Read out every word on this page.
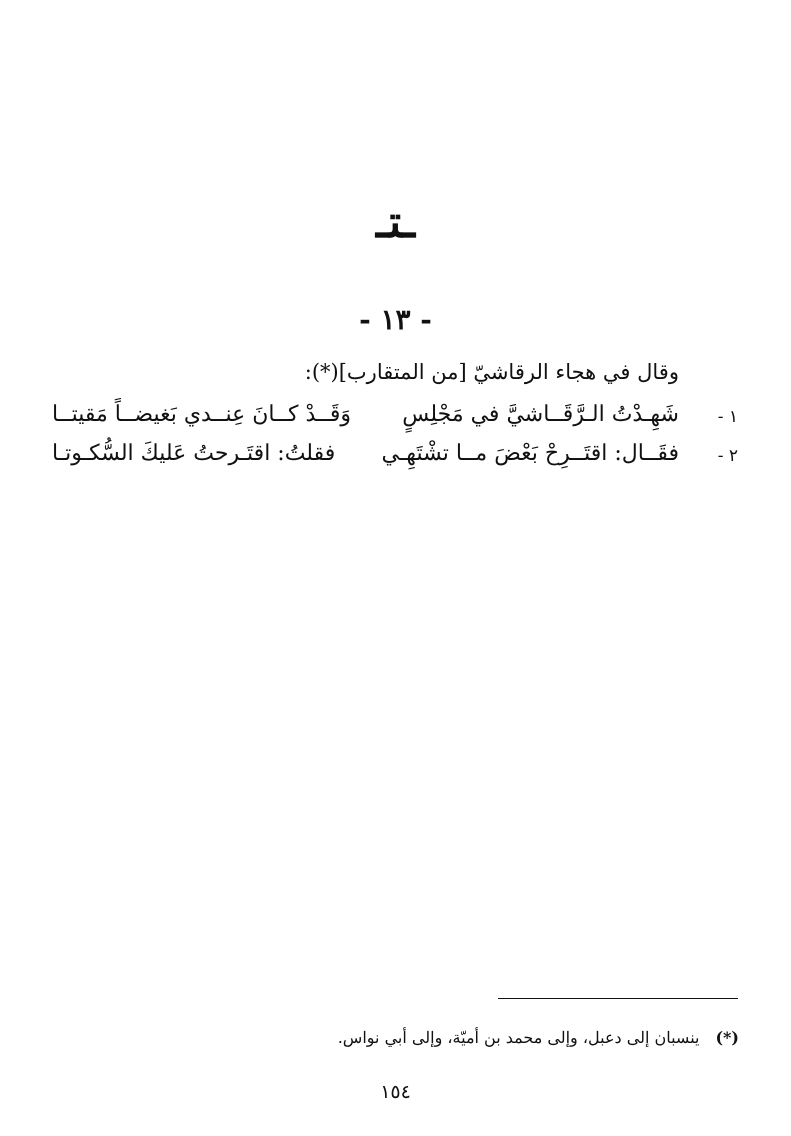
ـتـ
- ١٣ -
وقال في هجاء الرقاشيّ [من المتقارب](*):
١ -
شَهِـدْتُ الـرَّقَــاشيَّ في مَجْلِسٍ
وَقَــدْ كــانَ عِنــدي بَغيضــاً مَقيتــا
٢ -
فقَــال: اقتَــرِحْ بَعْضَ مــا تشْتَهِـي
فقلتُ: اقتَـرحتُ عَليكَ السُّكـوتـا
(*)ينسبان إلى دعبل، وإلى محمد بن أميّة، وإلى أبي نواس.
١٥٤
